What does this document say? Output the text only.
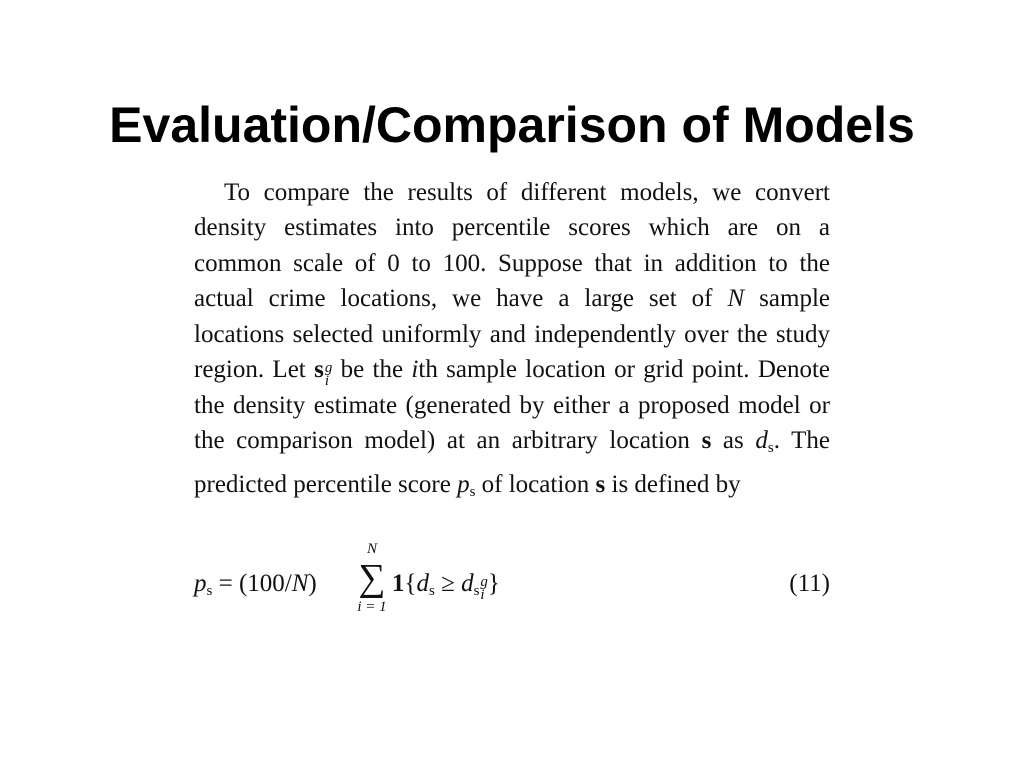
Evaluation/Comparison of Models

To compare the results of different models, we convert density estimates into percentile scores which are on a common scale of 0 to 100. Suppose that in addition to the actual crime locations, we have a large set of N sample locations selected uniformly and independently over the study region. Let s g
i be the ith sample location or grid point. Denote the density estimate (generated by either a proposed model or the comparison model) at an arbitrary location s as $d_s$. The predicted percentile score $p_s$ of location s is defined by

$p_s = (100/N)$
N
∑
i = 1
$1\{d_s \ge d_s$
g
i }	(11)
